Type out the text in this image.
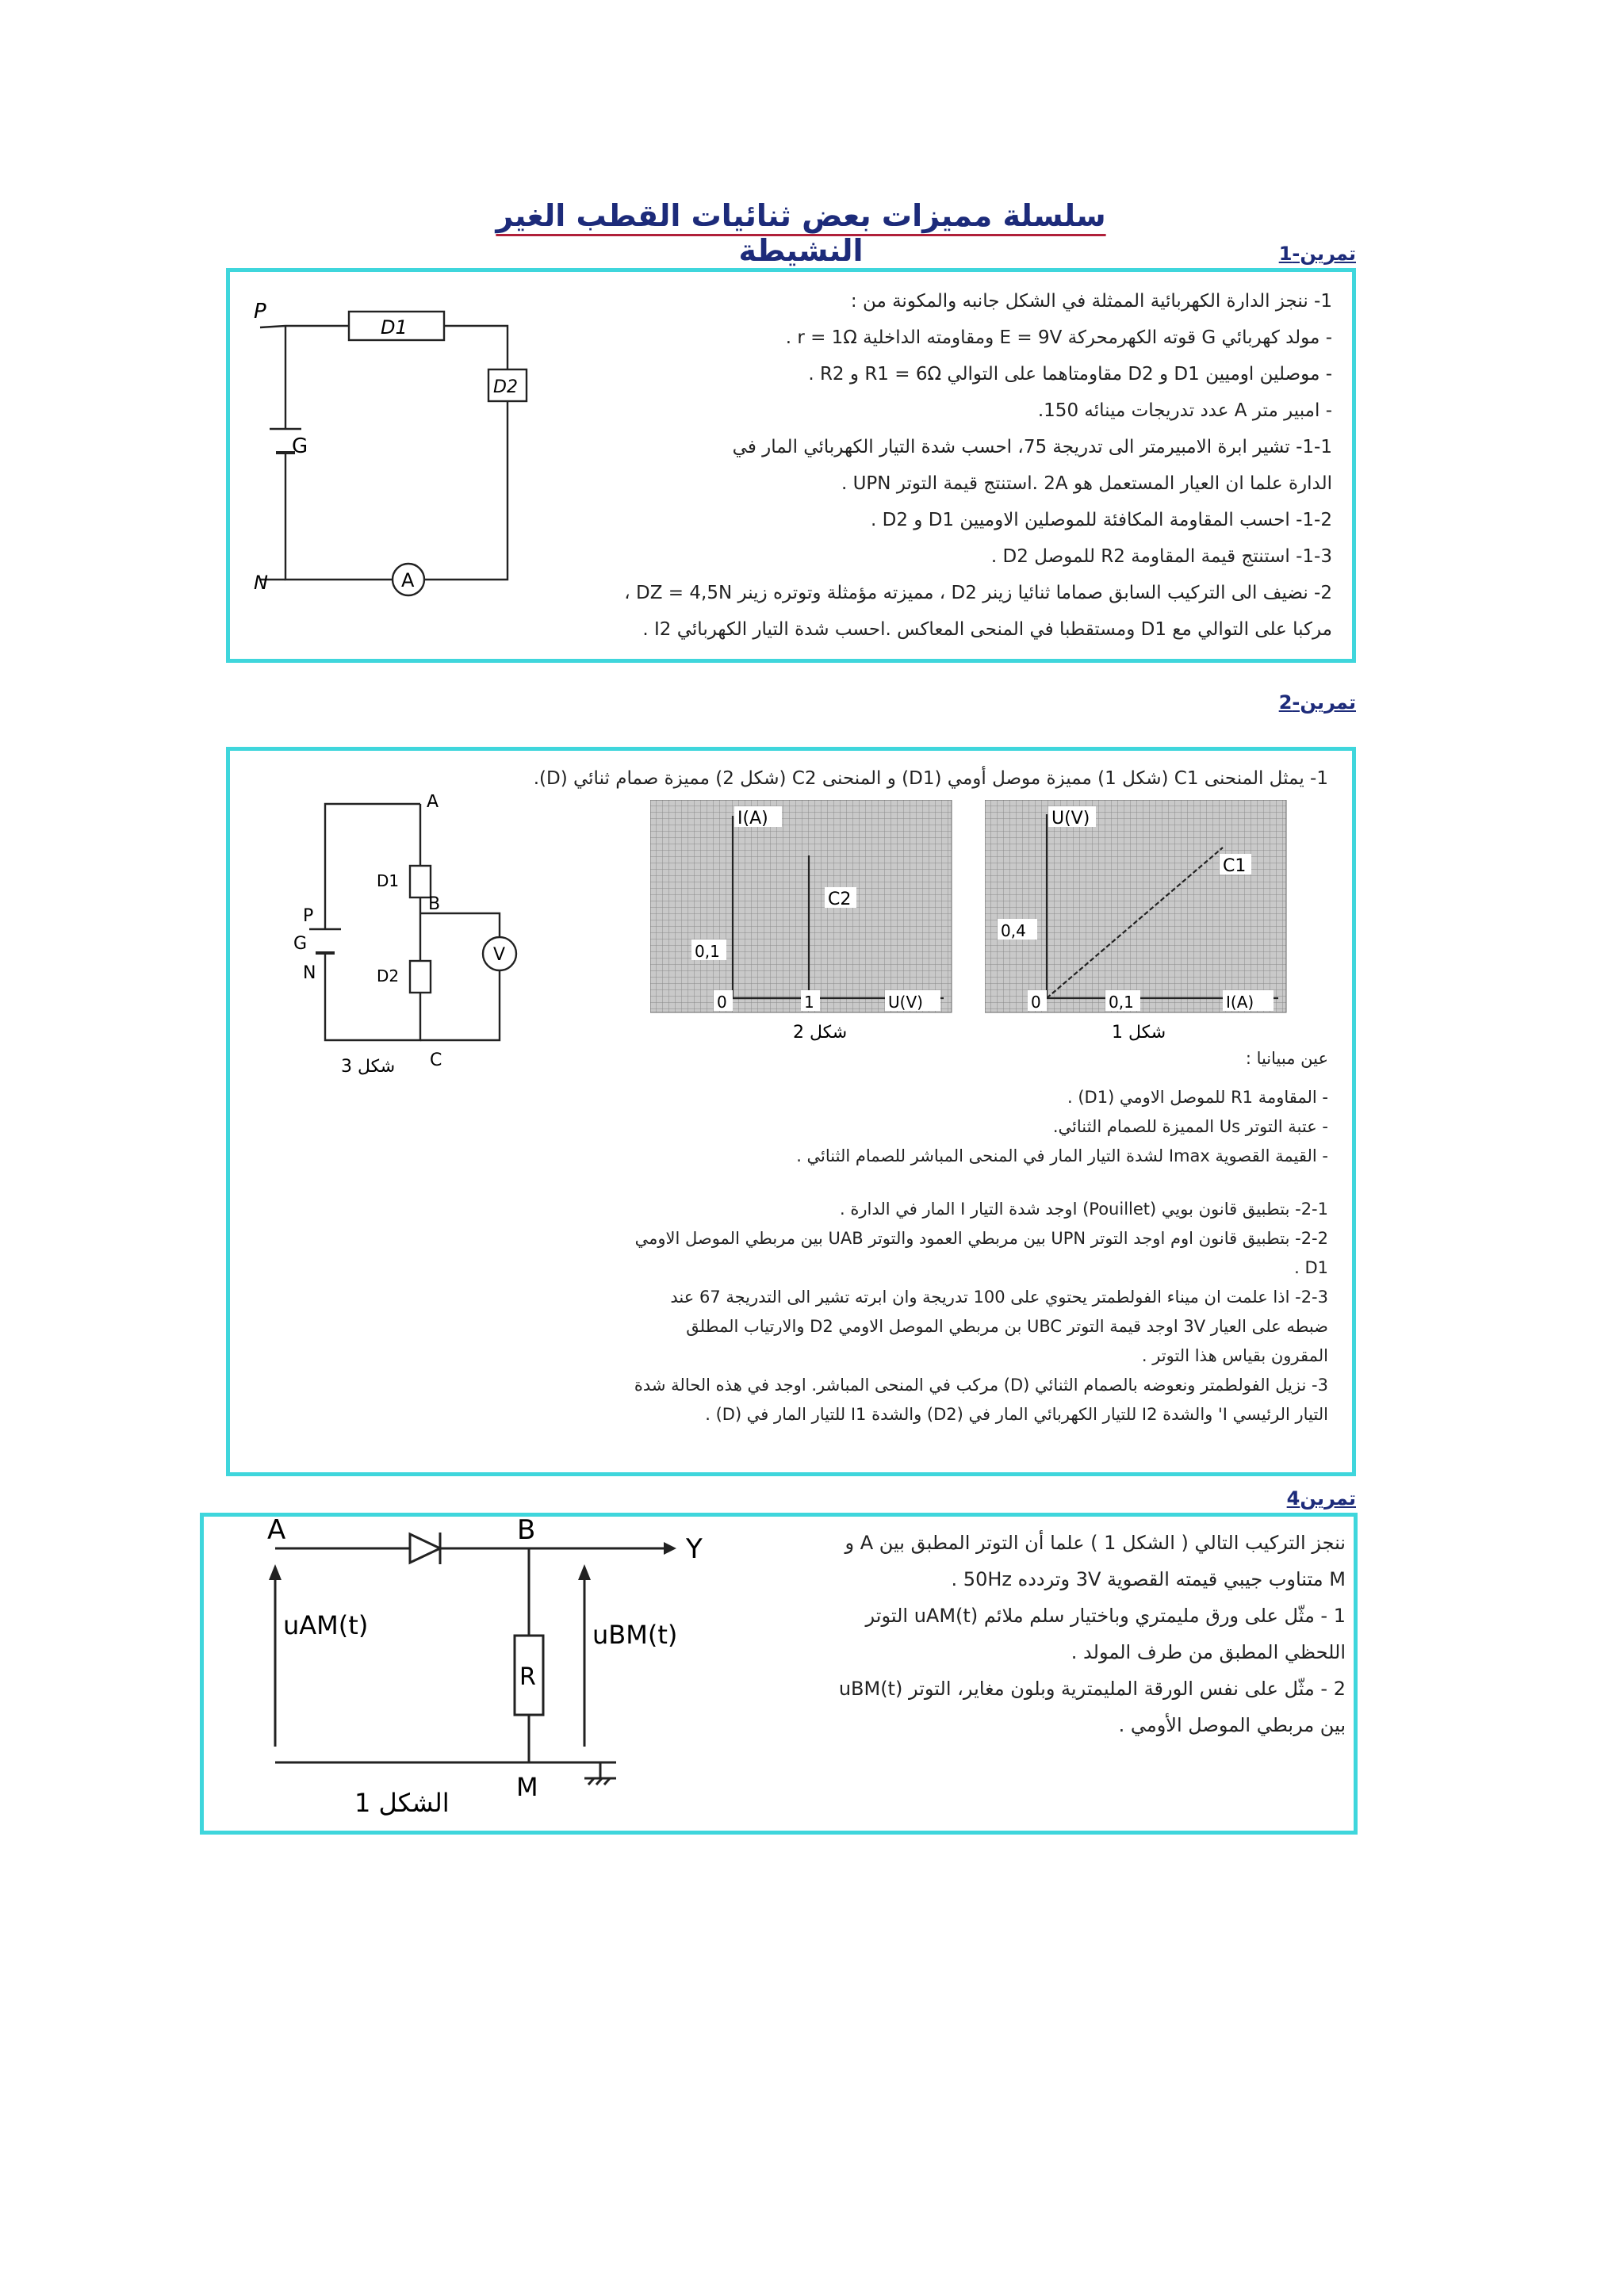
سلسلة مميزات بعض ثنائيات القطب الغير النشيطة	تمرين-1
P
N
G
D1
D2
A
1- ننجز الدارة الكهربائية الممثلة في الشكل جانبه والمكونة من :
- مولد كهربائي G قوته الكهرمحركة E = 9V ومقاومته الداخلية r = 1Ω .
- موصلين اوميين D1 و D2 مقاومتاهما على التوالي R1 = 6Ω و R2 .
- امبير متر A عدد تدريجات مينائه 150.
1-1- تشير ابرة الامبيرمتر الى تدريجة 75، احسب شدة التيار الكهربائي المار في
الدارة علما ان العيار المستعمل هو 2A .استنتج قيمة التوتر UPN .
1-2- احسب المقاومة المكافئة للموصلين الاوميين D1 و D2 .
1-3- استنتج قيمة المقاومة R2 للموصل D2 .
2- نضيف الى التركيب السابق صماما ثنائيا زينر D2 ، مميزته مؤمثلة وتوتره زينر DZ = 4,5N ،
مركبا على التوالي مع D1 ومستقطبا في المنحى المعاكس .احسب شدة التيار الكهربائي I2 .
تمرين-2
1- يمثل المنحنى C1 (شكل 1) مميزة موصل أومي (D1) و المنحنى C2 (شكل 2) مميزة صمام ثنائي (D).
A
B
C
P
G
N
D1
D2
V
شكل 3
I(A)
C2
0,1
0	1	U(V)
شكل 2
U(V)
C1
0,4
0	0,1	I(A)
شكل 1
عين مبيانيا :
- المقاومة R1 للموصل الاومي (D1) .
- عتبة التوتر Us المميزة للصمام الثنائي.
- القيمة القصوية Imax لشدة التيار المار في المنحى المباشر للصمام الثنائي .
2-1- بتطبيق قانون بويي (Pouillet) اوجد شدة التيار I المار في الدارة .
2-2- بتطبيق قانون اوم اوجد التوتر UPN بين مربطي العمود والتوتر UAB بين مربطي الموصل الاومي
D1 .
2-3- اذا علمت ان ميناء الفولطمتر يحتوي على 100 تدريجة وان ابرته تشير الى التدريجة 67 عند
ضبطه على العيار 3V اوجد قيمة التوتر UBC بن مربطي الموصل الاومي D2 والارتياب المطلق
المقرون بقياس هذا التوتر .
3- نزيل الفولطمتر ونعوضه بالصمام الثنائي (D) مركب في المنحى المباشر. اوجد في هذه الحالة شدة
التيار الرئيسي I' والشدة I2 للتيار الكهربائي المار في (D2) والشدة I1 للتيار المار في (D) .
تمرين4
A	B
Y
R
M
uAM(t)	uBM(t)
الشكل 1
ننجز التركيب التالي ( الشكل 1 ) علما أن التوتر المطبق بين A و
M متناوب جيبي قيمته القصوية 3V وتردده 50Hz .
1 - مثّل على ورق مليمتري وباختيار سلم ملائم uAM(t) التوتر
اللحظي المطبق من طرف المولد .
2 - مثّل على نفس الورقة المليمترية وبلون مغاير، التوتر uBM(t)
بين مربطي الموصل الأومي .
